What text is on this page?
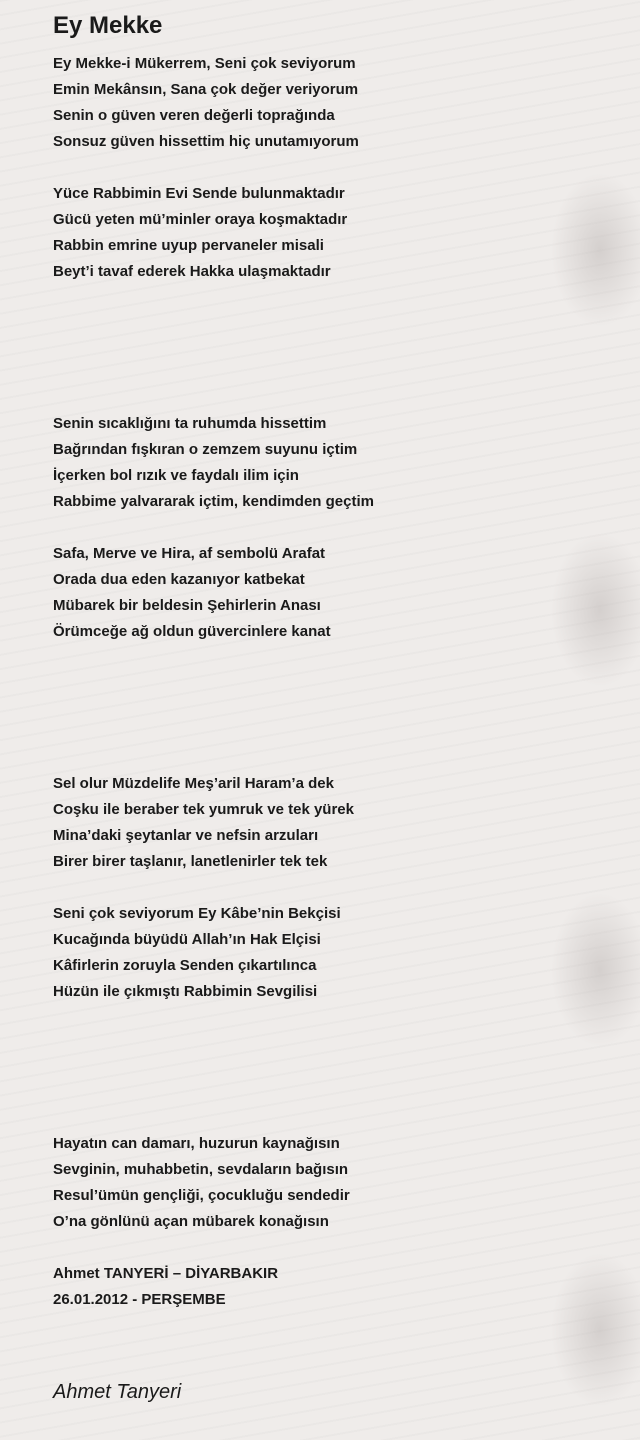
Ey Mekke
Ey Mekke-i Mükerrem, Seni çok seviyorum
Emin Mekânsın, Sana çok değer veriyorum
Senin o güven veren değerli toprağında
Sonsuz güven hissettim hiç unutamıyorum
Yüce Rabbimin Evi Sende bulunmaktadır
Gücü yeten mü’minler oraya koşmaktadır
Rabbin emrine uyup pervaneler misali
Beyt’i tavaf ederek Hakka ulaşmaktadır
Senin sıcaklığını ta ruhumda hissettim
Bağrından fışkıran o zemzem suyunu içtim
İçerken bol rızık ve faydalı ilim için
Rabbime yalvararak içtim, kendimden geçtim
Safa, Merve ve Hira, af sembolü Arafat
Orada dua eden kazanıyor katbekat
Mübarek bir beldesin Şehirlerin Anası
Örümceğe ağ oldun güvercinlere kanat
Sel olur Müzdelife Meş’aril Haram’a dek
Coşku ile beraber tek yumruk ve tek yürek
Mina’daki şeytanlar ve nefsin arzuları
Birer birer taşlanır, lanetlenirler tek tek
Seni çok seviyorum Ey Kâbe’nin Bekçisi
Kucağında büyüdü Allah’ın Hak Elçisi
Kâfirlerin zoruyla Senden çıkartılınca
Hüzün ile çıkmıştı Rabbimin Sevgilisi
Hayatın can damarı, huzurun kaynağısın
Sevginin, muhabbetin, sevdaların bağısın
Resul’ümün gençliği, çocukluğu sendedir
O’na gönlünü açan mübarek konağısın
Ahmet TANYERİ – DİYARBAKIR
26.01.2012 - PERŞEMBE
Ahmet Tanyeri
